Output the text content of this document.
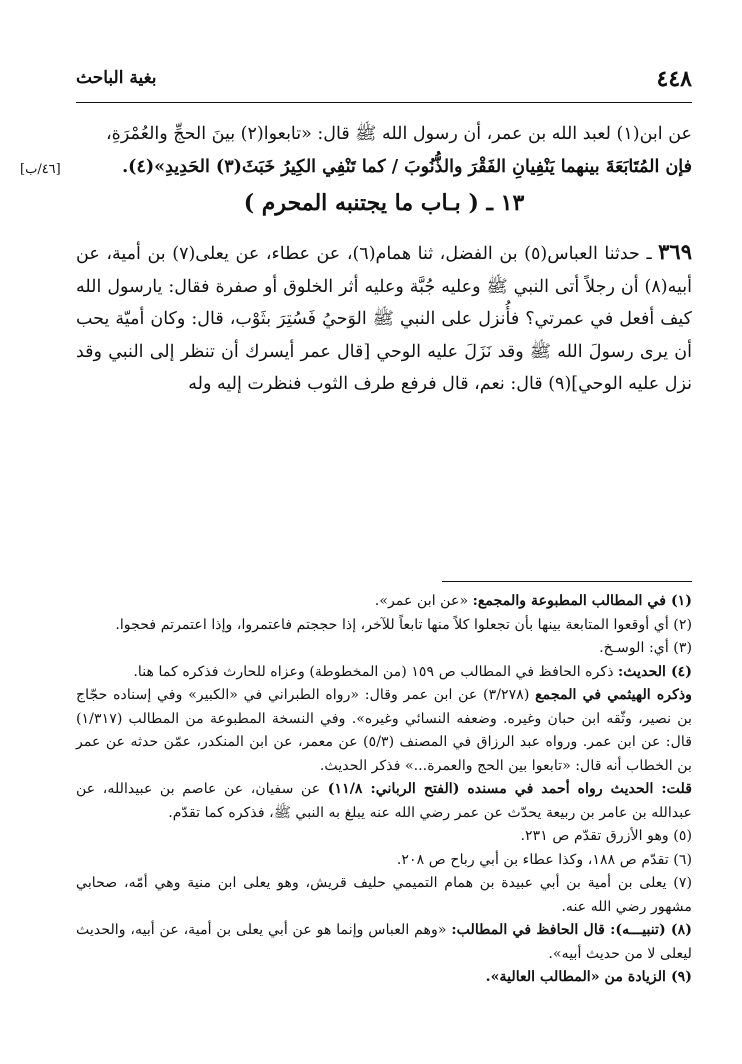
٤٤٨
بغية الباحث
[٤٦/ب]

عن ابن(١) لعبد الله بن عمر، أن رسول الله ﷺ قال: «تابعوا(٢) بينَ الحجِّ والعُمْرَةِ،

فإن المُتَابَعَةَ بينهما يَنْفِيانِ الفَقْرَ والذُّنُوبَ / كما تَنْفِي الكِيرُ خَبَثَ(٣) الحَدِيدِ»(٤).

١٣ ـ ( بـاب ما يجتنبه المحرم )
٣٦٩ ـ حدثنا العباس(٥) بن الفضل، ثنا همام(٦)، عن عطاء، عن يعلى(٧) بن أمية، عن أبيه(٨) أن رجلاً أتى النبي ﷺ وعليه جُبَّة وعليه أثر الخلوق أو صفرة فقال: يارسول الله كيف أفعل في عمرتي؟ فأُنزل على النبي ﷺ الوَحيُ فَسُتِرَ بثَوْب، قال: وكان أميّة يحب أن يرى رسولَ الله ﷺ وقد نَزَلَ عليه الوحي [قال عمر أيسرك أن تنظر إلى النبي وقد نزل عليه الوحي](٩) قال: نعم، قال فرفع طرف الثوب فنظرت إليه وله

(١) في المطالب المطبوعة والمجمع: «عن ابن عمر».

(٢) أي أوقعوا المتابعة بينها بأن تجعلوا كلاً منها تابعاً للآخر، إذا حججتم فاعتمروا، وإذا اعتمرتم فحجوا.

(٣) أي: الوسـخ.

(٤) الحديث: ذكره الحافظ في المطالب ص ١٥٩ (من المخطوطة) وعزاه للحارث فذكره كما هنا.

وذكره الهيثمي في المجمع (٣/٢٧٨) عن ابن عمر وقال: «رواه الطبراني في «الكبير» وفي إسناده حجّاج بن نصير، وثّقه ابن حبان وغيره. وضعفه النسائي وغيره». وفي النسخة المطبوعة من المطالب (١/٣١٧) قال: عن ابن عمر. ورواه عبد الرزاق في المصنف (٥/٣) عن معمر، عن ابن المنكدر، عمّن حدثه عن عمر بن الخطاب أنه قال: «تابعوا بين الحج والعمرة...» فذكر الحديث.

قلت: الحديث رواه أحمد في مسنده (الفتح الرباني: ١١/٨) عن سفيان، عن عاصم بن عبيدالله، عن عبدالله بن عامر بن ربيعة يحدّث عن عمر رضي الله عنه يبلغ به النبي ﷺ، فذكره كما تقدّم.

(٥) وهو الأزرق تقدّم ص ٢٣١.

(٦) تقدّم ص ١٨٨، وكذا عطاء بن أبي رباح ص ٢٠٨.

(٧) يعلى بن أمية بن أبي عبيدة بن همام التميمي حليف قريش، وهو يعلى ابن منية وهي أمّه، صحابي مشهور رضي الله عنه.

(٨) (تنبيـــه): قال الحافظ في المطالب: «وهم العباس وإنما هو عن أبي يعلى بن أمية، عن أبيه، والحديث ليعلى لا من حديث أبيه».

(٩) الزيادة من «المطالب العالية».
